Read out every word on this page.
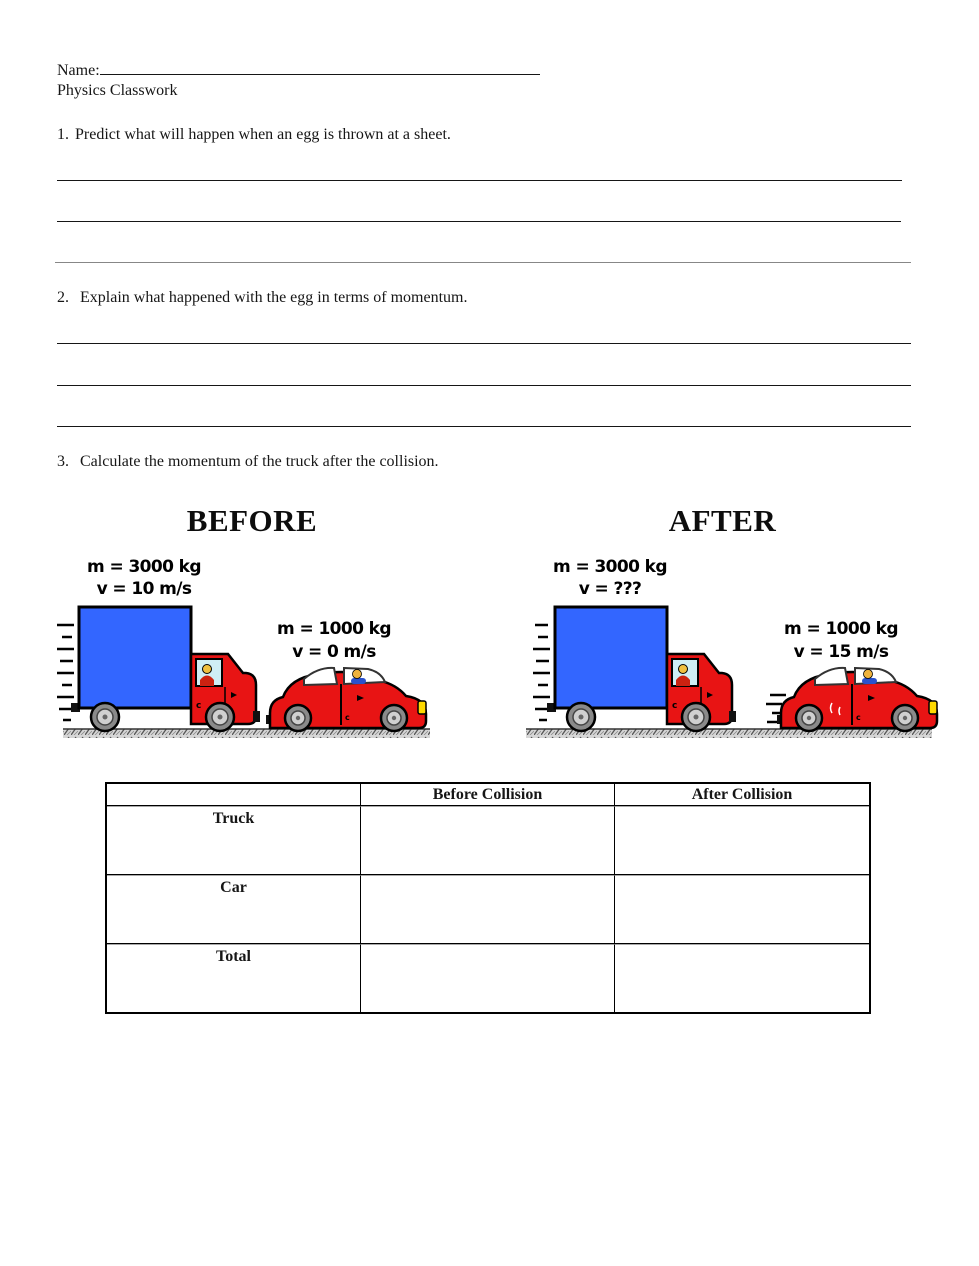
Name:
Physics Classwork
1. Predict what will happen when an egg is thrown at a sheet.
2. Explain what happened with the egg in terms of momentum.
3. Calculate the momentum of the truck after the collision.
BEFORE
m = 3000 kg
v = 10 m/s
m = 1000 kg
v = 0 m/s
c
c
AFTER
m = 3000 kg
v = ???
m = 1000 kg
v = 15 m/s
c
c
	Before Collision	After Collision
Truck		
Car		
Total		
